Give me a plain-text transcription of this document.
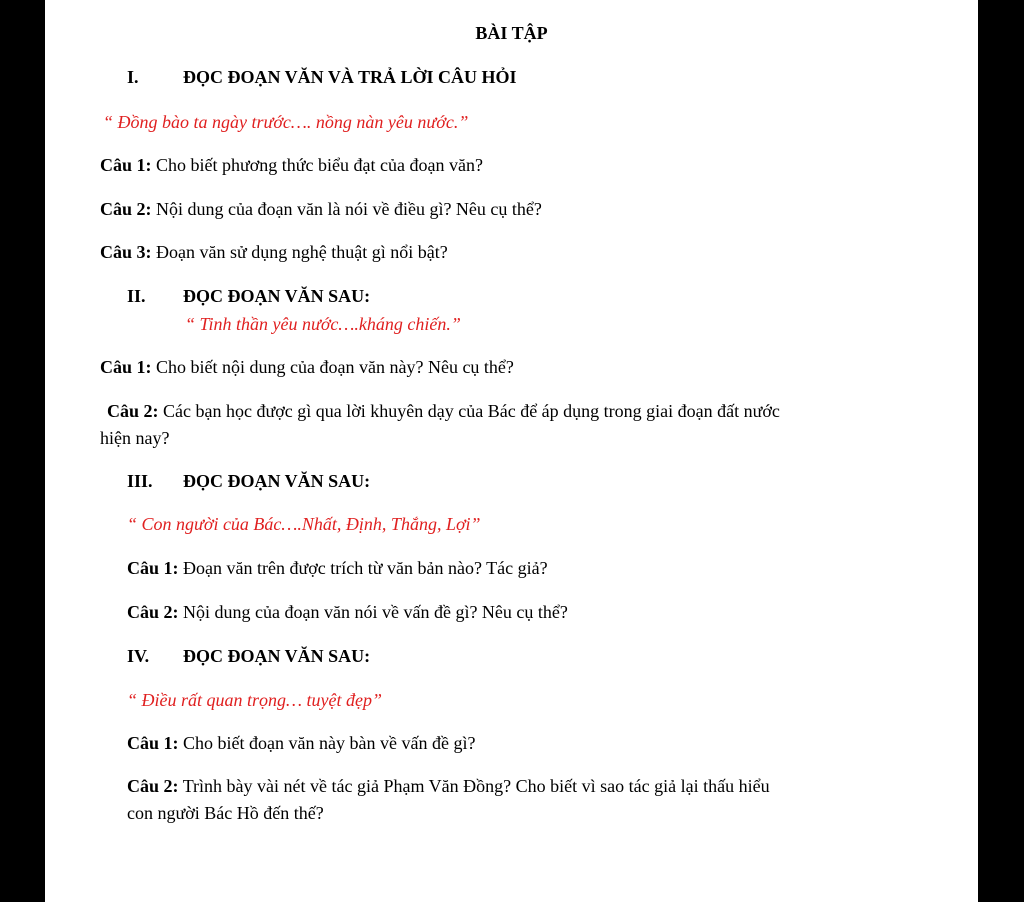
BÀI TẬP
I. ĐỌC ĐOẠN VĂN VÀ TRẢ LỜI CÂU HỎI
“ Đồng bào ta ngày trước…. nồng nàn yêu nước.”
Câu 1: Cho biết phương thức biểu đạt của đoạn văn?
Câu 2: Nội dung của đoạn văn là nói về điều gì? Nêu cụ thể?
Câu 3: Đoạn văn sử dụng nghệ thuật gì nổi bật?
II. ĐỌC ĐOẠN VĂN SAU:
“ Tinh thần yêu nước….kháng chiến.”
Câu 1: Cho biết nội dung của đoạn văn này? Nêu cụ thể?
Câu 2: Các bạn học được gì qua lời khuyên dạy của Bác để áp dụng trong giai đoạn đất nước
hiện nay?
III. ĐỌC ĐOẠN VĂN SAU:
“ Con người của Bác….Nhất, Định, Thắng, Lợi”
Câu 1: Đoạn văn trên được trích từ văn bản nào? Tác giả?
Câu 2: Nội dung của đoạn văn nói về vấn đề gì? Nêu cụ thể?
IV. ĐỌC ĐOẠN VĂN SAU:
“ Điều rất quan trọng… tuyệt đẹp”
Câu 1: Cho biết đoạn văn này bàn về vấn đề gì?
Câu 2: Trình bày vài nét về tác giả Phạm Văn Đồng? Cho biết vì sao tác giả lại thấu hiểu
con người Bác Hồ đến thế?
